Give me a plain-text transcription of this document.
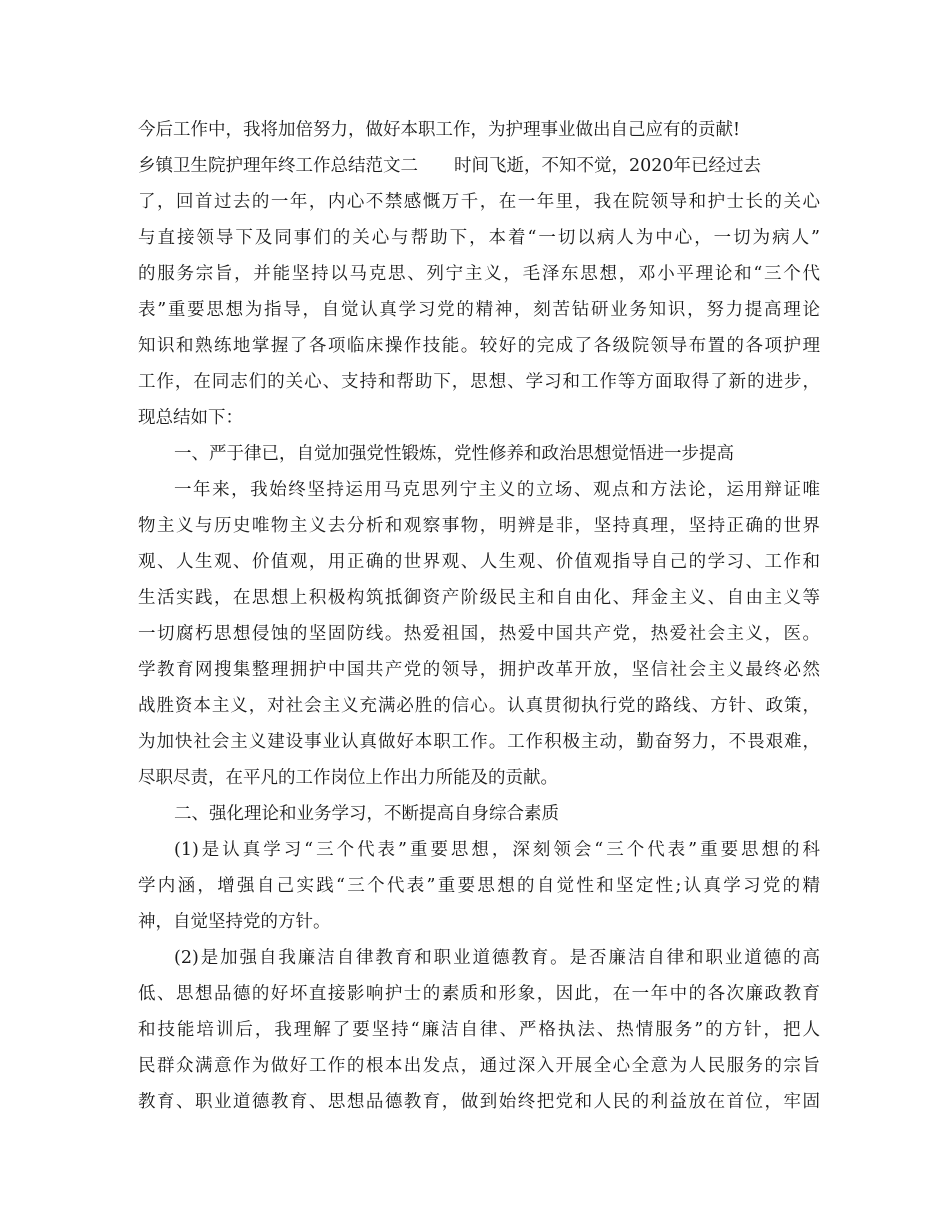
今后工作中，我将加倍努力，做好本职工作，为护理事业做出自己应有的贡献!
乡镇卫生院护理年终工作总结范文二 时间飞逝，不知不觉，2020年已经过去
了，回首过去的一年，内心不禁感慨万千，在一年里，我在院领导和护士长的关心
与直接领导下及同事们的关心与帮助下，本着“一切以病人为中心，一切为病人”
的服务宗旨，并能坚持以马克思、列宁主义，毛泽东思想，邓小平理论和“三个代
表”重要思想为指导，自觉认真学习党的精神，刻苦钻研业务知识，努力提高理论
知识和熟练地掌握了各项临床操作技能。较好的完成了各级院领导布置的各项护理
工作，在同志们的关心、支持和帮助下，思想、学习和工作等方面取得了新的进步，
现总结如下：
一、严于律已，自觉加强党性锻炼，党性修养和政治思想觉悟进一步提高
一年来，我始终坚持运用马克思列宁主义的立场、观点和方法论，运用辩证唯
物主义与历史唯物主义去分析和观察事物，明辨是非，坚持真理，坚持正确的世界
观、人生观、价值观，用正确的世界观、人生观、价值观指导自己的学习、工作和
生活实践，在思想上积极构筑抵御资产阶级民主和自由化、拜金主义、自由主义等
一切腐朽思想侵蚀的坚固防线。热爱祖国，热爱中国共产党，热爱社会主义，医。
学教育网搜集整理拥护中国共产党的领导，拥护改革开放，坚信社会主义最终必然
战胜资本主义，对社会主义充满必胜的信心。认真贯彻执行党的路线、方针、政策，
为加快社会主义建设事业认真做好本职工作。工作积极主动，勤奋努力，不畏艰难，
尽职尽责，在平凡的工作岗位上作出力所能及的贡献。
二、强化理论和业务学习，不断提高自身综合素质
(1)是认真学习“三个代表”重要思想，深刻领会“三个代表”重要思想的科
学内涵，增强自己实践“三个代表”重要思想的自觉性和坚定性;认真学习党的精
神，自觉坚持党的方针。
(2)是加强自我廉洁自律教育和职业道德教育。是否廉洁自律和职业道德的高
低、思想品德的好坏直接影响护士的素质和形象，因此，在一年中的各次廉政教育
和技能培训后，我理解了要坚持“廉洁自律、严格执法、热情服务”的方针，把人
民群众满意作为做好工作的根本出发点，通过深入开展全心全意为人民服务的宗旨
教育、职业道德教育、思想品德教育，做到始终把党和人民的利益放在首位，牢固
